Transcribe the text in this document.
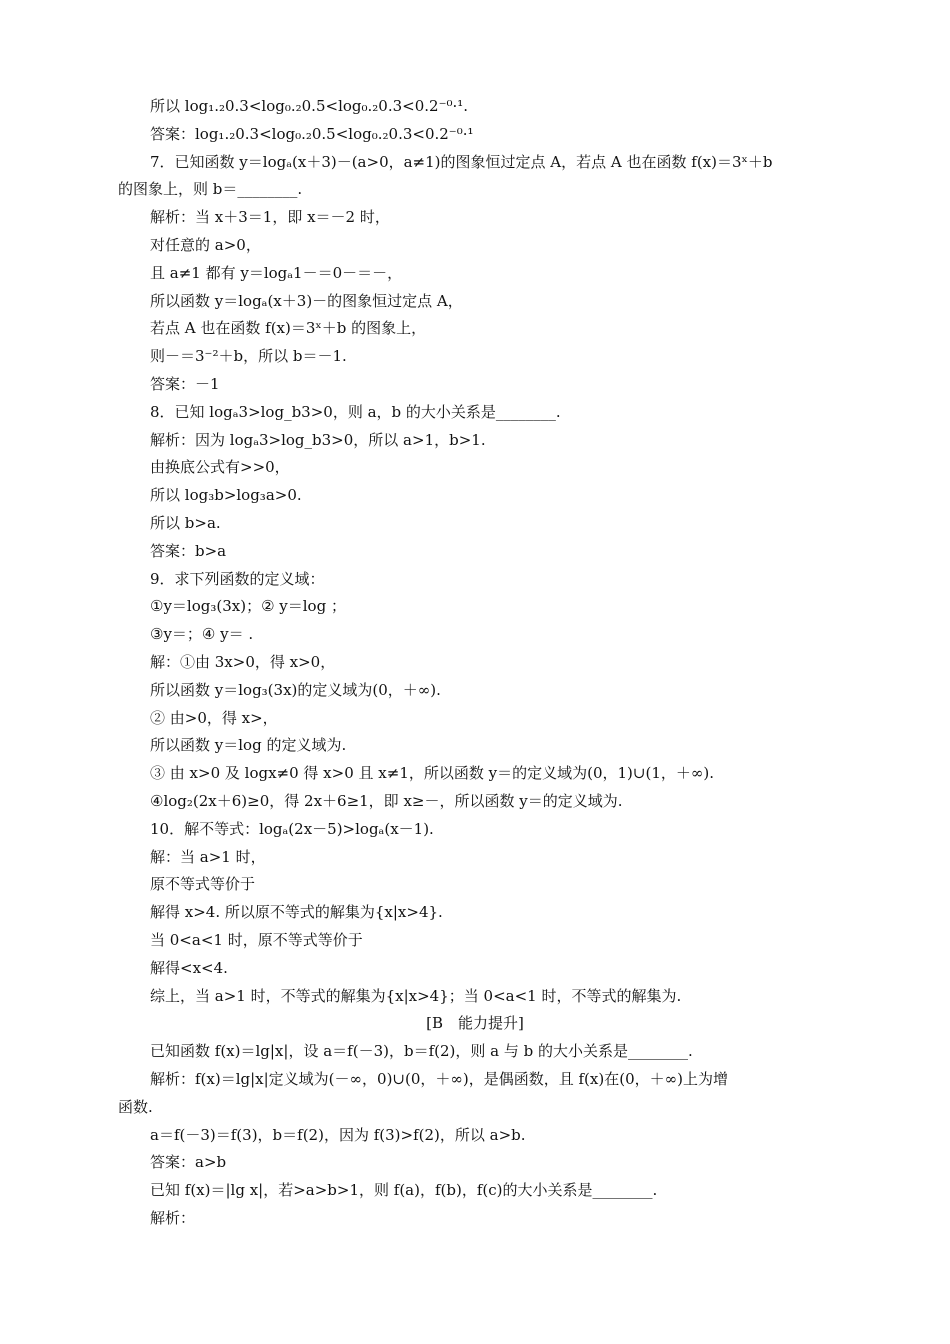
所以 log₁.₂0.3<log₀.₂0.5<log₀.₂0.3<0.2⁻⁰·¹.
答案：log₁.₂0.3<log₀.₂0.5<log₀.₂0.3<0.2⁻⁰·¹
7．已知函数 y＝logₐ(x＋3)－(a>0，a≠1)的图象恒过定点 A，若点 A 也在函数 f(x)＝3ˣ＋b
的图象上，则 b＝________.
解析：当 x＋3＝1，即 x＝－2 时，
对任意的 a>0，
且 a≠1 都有 y＝logₐ1－＝0－＝－，
所以函数 y＝logₐ(x＋3)－的图象恒过定点 A，
若点 A 也在函数 f(x)＝3ˣ＋b 的图象上，
则－＝3⁻²＋b，所以 b＝－1.
答案：－1
8．已知 logₐ3>log_b3>0，则 a，b 的大小关系是________.
解析：因为 logₐ3>log_b3>0，所以 a>1，b>1.
由换底公式有>>0，
所以 log₃b>log₃a>0.
所以 b>a.
答案：b>a
9．求下列函数的定义域：
①y＝log₃(3x)；② y＝log ；
③y＝；④ y＝ .
解：①由 3x>0，得 x>0，
所以函数 y＝log₃(3x)的定义域为(0，＋∞).
② 由>0，得 x>，
所以函数 y＝log 的定义域为.
③ 由 x>0 及 logx≠0 得 x>0 且 x≠1，所以函数 y＝的定义域为(0，1)∪(1，＋∞).
④log₂(2x＋6)≥0，得 2x＋6≥1，即 x≥－，所以函数 y＝的定义域为.
10．解不等式：logₐ(2x－5)>logₐ(x－1).
解：当 a>1 时，
原不等式等价于
解得 x>4. 所以原不等式的解集为{x|x>4}.
当 0<a<1 时，原不等式等价于
解得<x<4.
综上，当 a>1 时，不等式的解集为{x|x>4}；当 0<a<1 时，不等式的解集为.
[B　能力提升]
已知函数 f(x)＝lg|x|，设 a＝f(－3)，b＝f(2)，则 a 与 b 的大小关系是________.
解析：f(x)＝lg|x|定义域为(－∞，0)∪(0，＋∞)，是偶函数，且 f(x)在(0，＋∞)上为增
函数.
a＝f(－3)＝f(3)，b＝f(2)，因为 f(3)>f(2)，所以 a>b.
答案：a>b
已知 f(x)＝|lg x|，若>a>b>1，则 f(a)，f(b)，f(c)的大小关系是________.
解析：
